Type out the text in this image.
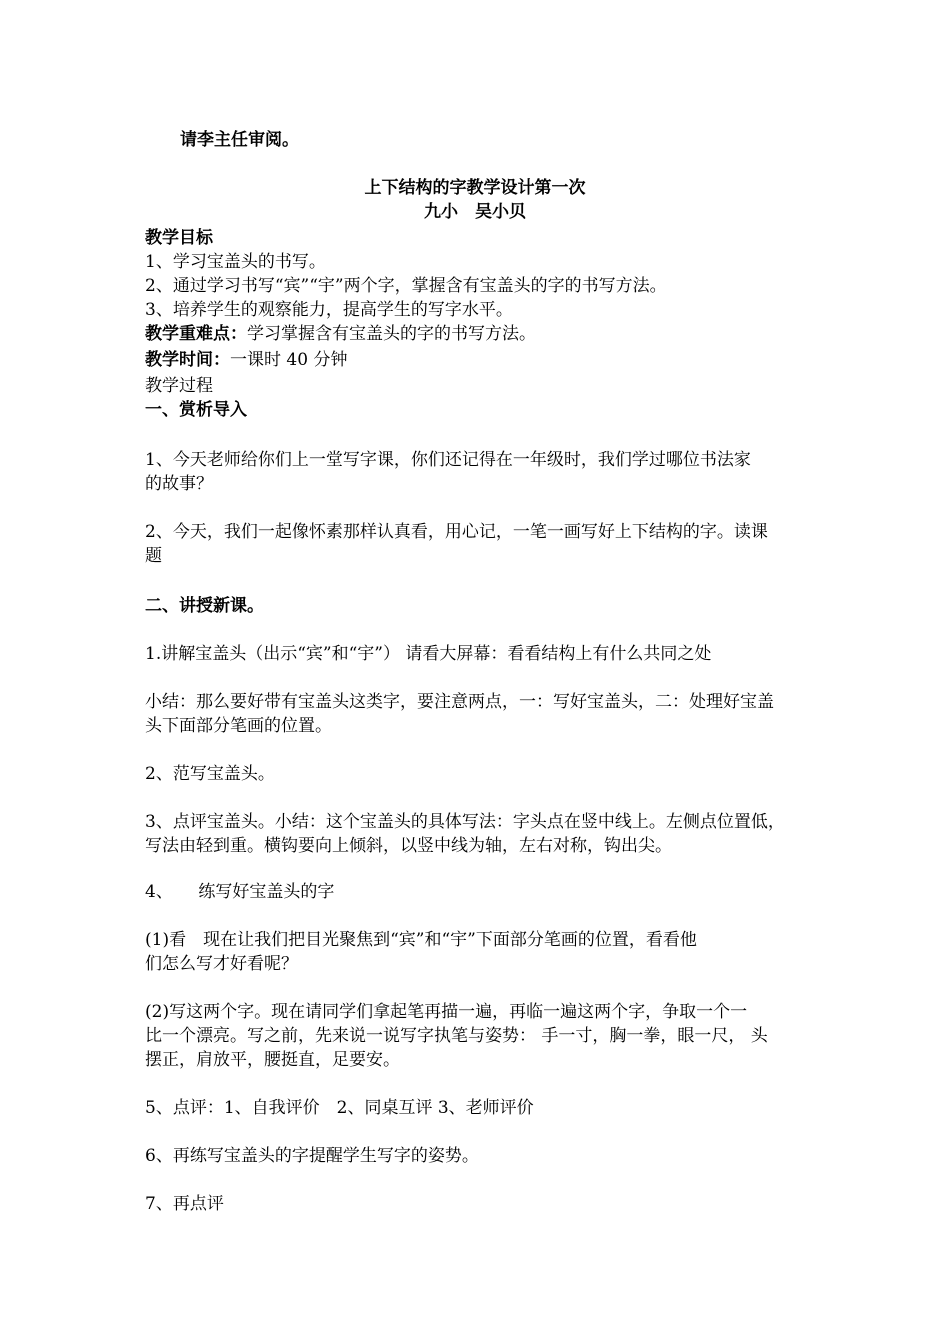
请李主任审阅。
上下结构的字教学设计第一次
九小　吴小贝
教学目标
1、学习宝盖头的书写。
2、通过学习书写“宾”“宇”两个字，掌握含有宝盖头的字的书写方法。
3、培养学生的观察能力，提高学生的写字水平。
教学重难点：学习掌握含有宝盖头的字的书写方法。
教学时间：一课时 40 分钟
教学过程
一、赏析导入
1、今天老师给你们上一堂写字课，你们还记得在一年级时，我们学过哪位书法家
的故事？
2、今天，我们一起像怀素那样认真看，用心记，一笔一画写好上下结构的字。读课
题
二、讲授新课。
1.讲解宝盖头（出示“宾”和“宇”） 请看大屏幕：看看结构上有什么共同之处
小结：那么要好带有宝盖头这类字，要注意两点，一：写好宝盖头，二：处理好宝盖
头下面部分笔画的位置。
2、范写宝盖头。
3、点评宝盖头。小结：这个宝盖头的具体写法：字头点在竖中线上。左侧点位置低，
写法由轻到重。横钩要向上倾斜，以竖中线为轴，左右对称，钩出尖。
4、　　练写好宝盖头的字
(1)看　现在让我们把目光聚焦到“宾”和“宇”下面部分笔画的位置，看看他
们怎么写才好看呢？
(2)写这两个字。现在请同学们拿起笔再描一遍，再临一遍这两个字，争取一个一
比一个漂亮。写之前，先来说一说写字执笔与姿势： 手一寸，胸一拳，眼一尺， 头
摆正，肩放平，腰挺直，足要安。
5、点评：1、自我评价　2、同桌互评 3、老师评价
6、再练写宝盖头的字提醒学生写字的姿势。
7、再点评
